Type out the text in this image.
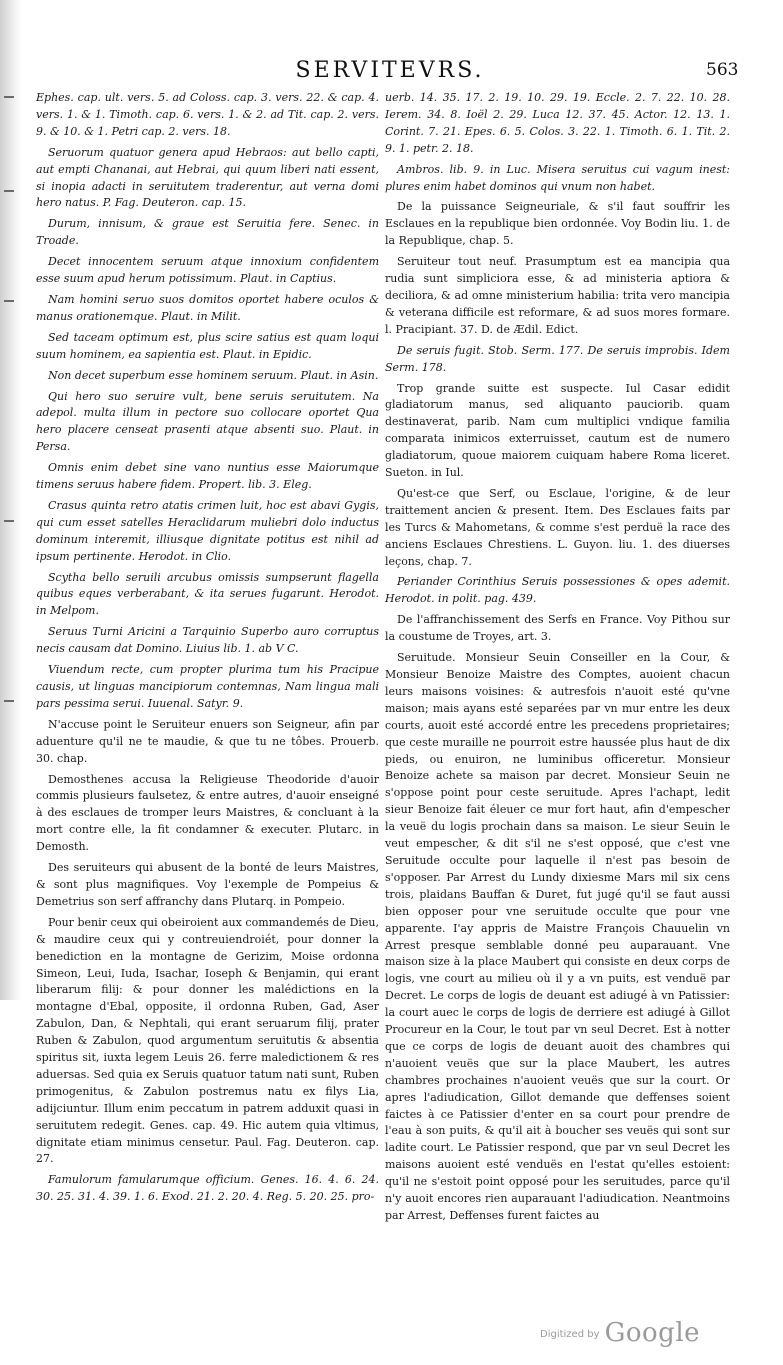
SERVITEVRS.	563

Ephes. cap. ult. vers. 5. ad Coloss. cap. 3. vers. 22. & cap. 4. vers. 1. & 1. Timoth. cap. 6. vers. 1. & 2. ad Tit. cap. 2. vers. 9. & 10. & 1. Petri cap. 2. vers. 18.

Seruorum quatuor genera apud Hebraos: aut bello capti, aut empti Chananai, aut Hebrai, qui quum liberi nati essent, si inopia adacti in seruitutem traderentur, aut verna domi hero natus. P. Fag. Deuteron. cap. 15.

Durum, innisum, & graue est Seruitia fere. Senec. in Troade.

Decet innocentem seruum atque innoxium confidentem esse suum apud herum potissimum. Plaut. in Captius.

Nam homini seruo suos domitos oportet habere oculos & manus orationemque. Plaut. in Milit.

Sed taceam optimum est, plus scire satius est quam loqui suum hominem, ea sapientia est. Plaut. in Epidic.

Non decet superbum esse hominem seruum. Plaut. in Asin.

Qui hero suo seruire vult, bene seruis seruitutem. Na adepol. multa illum in pectore suo collocare oportet Qua hero placere censeat prasenti atque absenti suo. Plaut. in Persa.

Omnis enim debet sine vano nuntius esse Maiorumque timens seruus habere fidem. Propert. lib. 3. Eleg.

Crasus quinta retro atatis crimen luit, hoc est abavi Gygis, qui cum esset satelles Heraclidarum muliebri dolo inductus dominum interemit, illiusque dignitate potitus est nihil ad ipsum pertinente. Herodot. in Clio.

Scytha bello seruili arcubus omissis sumpserunt flagella quibus eques verberabant, & ita serues fugarunt. Herodot. in Melpom.

Seruus Turni Aricini a Tarquinio Superbo auro corruptus necis causam dat Domino. Liuius lib. 1. ab V C.

Viuendum recte, cum propter plurima tum his Pracipue causis, ut linguas mancipiorum contemnas, Nam lingua mali pars pessima serui. Iuuenal. Satyr. 9.

N'accuse point le Seruiteur enuers son Seigneur, afin par aduenture qu'il ne te maudie, & que tu ne tôbes. Prouerb. 30. chap.

Demosthenes accusa la Religieuse Theodoride d'auoir commis plusieurs faulsetez, & entre autres, d'auoir enseigné à des esclaues de tromper leurs Maistres, & concluant à la mort contre elle, la fit condamner & executer. Plutarc. in Demosth.

Des seruiteurs qui abusent de la bonté de leurs Maistres, & sont plus magnifiques. Voy l'exemple de Pompeius & Demetrius son serf affranchy dans Plutarq. in Pompeio.

Pour benir ceux qui obeiroient aux commandemés de Dieu, & maudire ceux qui y contreuiendroiét, pour donner la benediction en la montagne de Gerizim, Moise ordonna Simeon, Leui, Iuda, Isachar, Ioseph & Benjamin, qui erant liberarum filij: & pour donner les malédictions en la montagne d'Ebal, opposite, il ordonna Ruben, Gad, Aser Zabulon, Dan, & Nephtali, qui erant seruarum filij, prater Ruben & Zabulon, quod argumentum seruitutis & absentia spiritus sit, iuxta legem Leuis 26. ferre maledictionem & res aduersas. Sed quia ex Seruis quatuor tatum nati sunt, Ruben primogenitus, & Zabulon postremus natu ex filys Lia, adijciuntur. Illum enim peccatum in patrem adduxit quasi in seruitutem redegit. Genes. cap. 49. Hic autem quia vltimus, dignitate etiam minimus censetur. Paul. Fag. Deuteron. cap. 27.

Famulorum famularumque officium. Genes. 16. 4. 6. 24. 30. 25. 31. 4. 39. 1. 6. Exod. 21. 2. 20. 4. Reg. 5. 20. 25. pro-

uerb. 14. 35. 17. 2. 19. 10. 29. 19. Eccle. 2. 7. 22. 10. 28. Ierem. 34. 8. Ioël 2. 29. Luca 12. 37. 45. Actor. 12. 13. 1. Corint. 7. 21. Epes. 6. 5. Colos. 3. 22. 1. Timoth. 6. 1. Tit. 2. 9. 1. petr. 2. 18.

Ambros. lib. 9. in Luc. Misera seruitus cui vagum inest: plures enim habet dominos qui vnum non habet.

De la puissance Seigneuriale, & s'il faut souffrir les Esclaues en la republique bien ordonnée. Voy Bodin liu. 1. de la Republique, chap. 5.

Seruiteur tout neuf. Prasumptum est ea mancipia qua rudia sunt simpliciora esse, & ad ministeria aptiora & deciliora, & ad omne ministerium habilia: trita vero mancipia & veterana difficile est reformare, & ad suos mores formare. l. Pracipiant. 37. D. de Ædil. Edict.

De seruis fugit. Stob. Serm. 177. De seruis improbis. Idem Serm. 178.

Trop grande suitte est suspecte. Iul Casar edidit gladiatorum manus, sed aliquanto pauciorib. quam destinaverat, parib. Nam cum multiplici vndique familia comparata inimicos exterruisset, cautum est de numero gladiatorum, quoue maiorem cuiquam habere Roma liceret. Sueton. in Iul.

Qu'est-ce que Serf, ou Esclaue, l'origine, & de leur traittement ancien & present. Item. Des Esclaues faits par les Turcs & Mahometans, & comme s'est perduë la race des anciens Esclaues Chrestiens. L. Guyon. liu. 1. des diuerses leçons, chap. 7.

Periander Corinthius Seruis possessiones & opes ademit. Herodot. in polit. pag. 439.

De l'affranchissement des Serfs en France. Voy Pithou sur la coustume de Troyes, art. 3.

Seruitude. Monsieur Seuin Conseiller en la Cour, & Monsieur Benoize Maistre des Comptes, auoient chacun leurs maisons voisines: & autresfois n'auoit esté qu'vne maison; mais ayans esté separées par vn mur entre les deux courts, auoit esté accordé entre les precedens proprietaires; que ceste muraille ne pourroit estre haussée plus haut de dix pieds, ou enuiron, ne luminibus officeretur. Monsieur Benoize achete sa maison par decret. Monsieur Seuin ne s'oppose point pour ceste seruitude. Apres l'achapt, ledit sieur Benoize fait éleuer ce mur fort haut, afin d'empescher la veuë du logis prochain dans sa maison. Le sieur Seuin le veut empescher, & dit s'il ne s'est opposé, que c'est vne Seruitude occulte pour laquelle il n'est pas besoin de s'opposer. Par Arrest du Lundy dixiesme Mars mil six cens trois, plaidans Bauffan & Duret, fut jugé qu'il se faut aussi bien opposer pour vne seruitude occulte que pour vne apparente. I'ay appris de Maistre François Chauuelin vn Arrest presque semblable donné peu auparauant. Vne maison size à la place Maubert qui consiste en deux corps de logis, vne court au milieu où il y a vn puits, est venduë par Decret. Le corps de logis de deuant est adiugé à vn Patissier: la court auec le corps de logis de derriere est adiugé à Gillot Procureur en la Cour, le tout par vn seul Decret. Est à notter que ce corps de logis de deuant auoit des chambres qui n'auoient veuës que sur la place Maubert, les autres chambres prochaines n'auoient veuës que sur la court. Or apres l'adiudication, Gillot demande que deffenses soient faictes à ce Patissier d'enter en sa court pour prendre de l'eau à son puits, & qu'il ait à boucher ses veuës qui sont sur ladite court. Le Patissier respond, que par vn seul Decret les maisons auoient esté venduës en l'estat qu'elles estoient: qu'il ne s'estoit point opposé pour les seruitudes, parce qu'il n'y auoit encores rien auparauant l'adiudication. Neantmoins par Arrest, Deffenses furent faictes au

$^{Digitized by}$ Google
